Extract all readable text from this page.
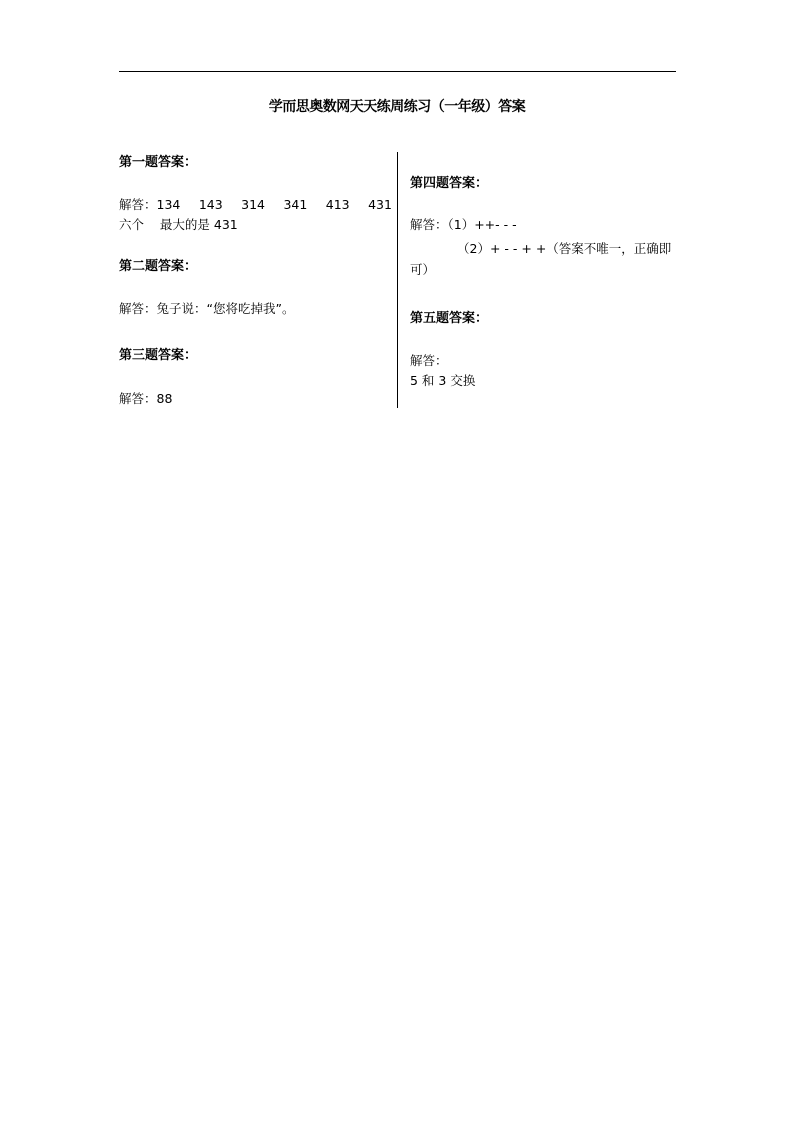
学而思奥数网天天练周练习（一年级）答案
第一题答案：
解答：134 143 314 341 413 431
六个    最大的是 431
第二题答案：
解答：兔子说：“您将吃掉我”。
第三题答案：
解答：88
第四题答案：
解答：（1）++- - -
（2）+ - - + +（答案不唯一，正确即可）
第五题答案：
解答：
5 和 3 交换
